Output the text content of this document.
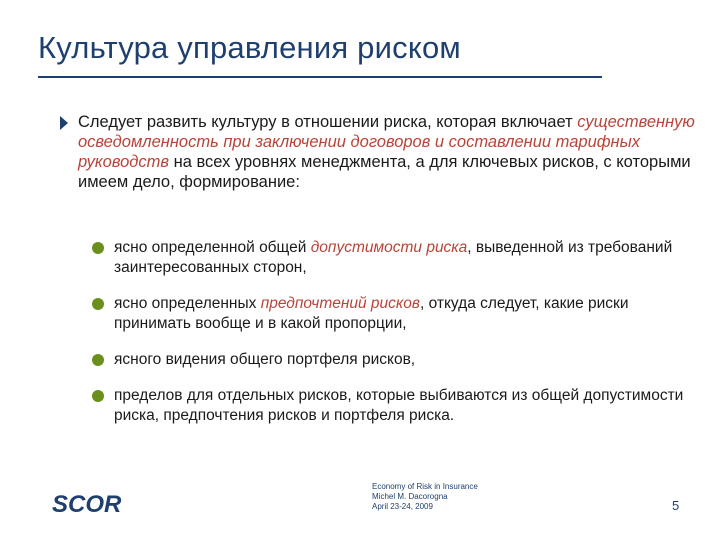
Культура управления риском
Следует развить культуру в отношении риска, которая включает существенную осведомленность при заключении договоров и составлении тарифных руководств на всех уровнях менеджмента, а для ключевых рисков, с которыми имеем дело, формирование:
ясно определенной общей допустимости риска, выведенной из требований заинтересованных сторон,
ясно определенных предпочтений рисков, откуда следует, какие риски принимать вообще и в какой пропорции,
ясного видения общего портфеля рисков,
пределов для отдельных рисков, которые выбиваются из общей допустимости риска, предпочтения рисков и портфеля риска.
SCOR
Economy of Risk in Insurance
Michel M. Dacorogna
April 23-24, 2009	5
